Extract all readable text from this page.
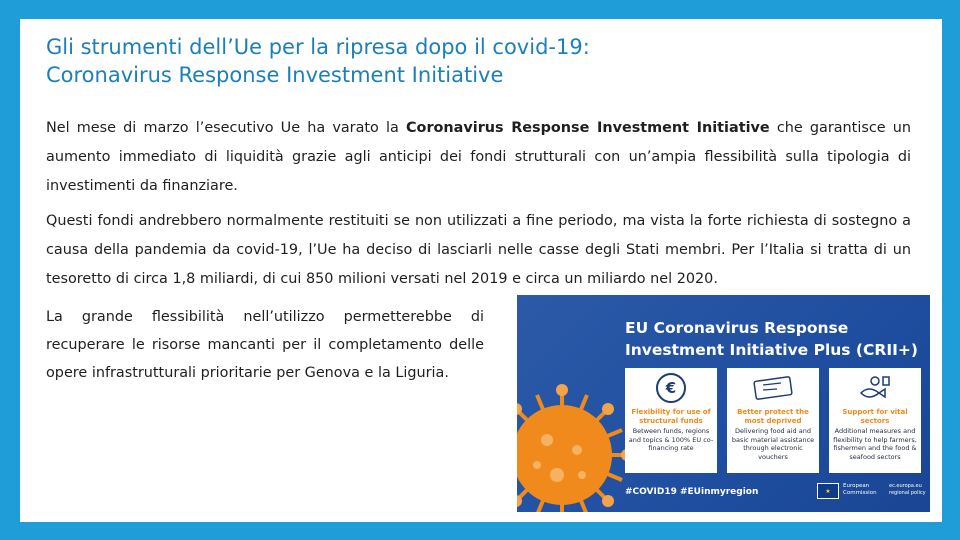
Gli strumenti dell’Ue per la ripresa dopo il covid-19:
Coronavirus Response Investment Initiative

Nel mese di marzo l’esecutivo Ue ha varato la Coronavirus Response Investment Initiative che garantisce un aumento immediato di liquidità grazie agli anticipi dei fondi strutturali con un’ampia flessibilità sulla tipologia di investimenti da finanziare.

Questi fondi andrebbero normalmente restituiti se non utilizzati a fine periodo, ma vista la forte richiesta di sostegno a causa della pandemia da covid-19, l’Ue ha deciso di lasciarli nelle casse degli Stati membri. Per l’Italia si tratta di un tesoretto di circa 1,8 miliardi, di cui 850 milioni versati nel 2019 e circa un miliardo nel 2020.

La grande flessibilità nell’utilizzo permetterebbe di recuperare le risorse mancanti per il completamento delle opere infrastrutturali prioritarie per Genova e la Liguria.

EU Coronavirus Response
Investment Initiative Plus (CRII+)
€
Flexibility for use of structural funds
Between funds, regions and topics & 100% EU co-financing rate
Better protect the most deprived
Delivering food aid and basic material assistance through electronic vouchers
Support for vital sectors
Additional measures and flexibility to help farmers, fishermen and the food & seafood sectors
#COVID19 #EUinmyregion	★
European
Commission
ec.europa.eu
regional policy
